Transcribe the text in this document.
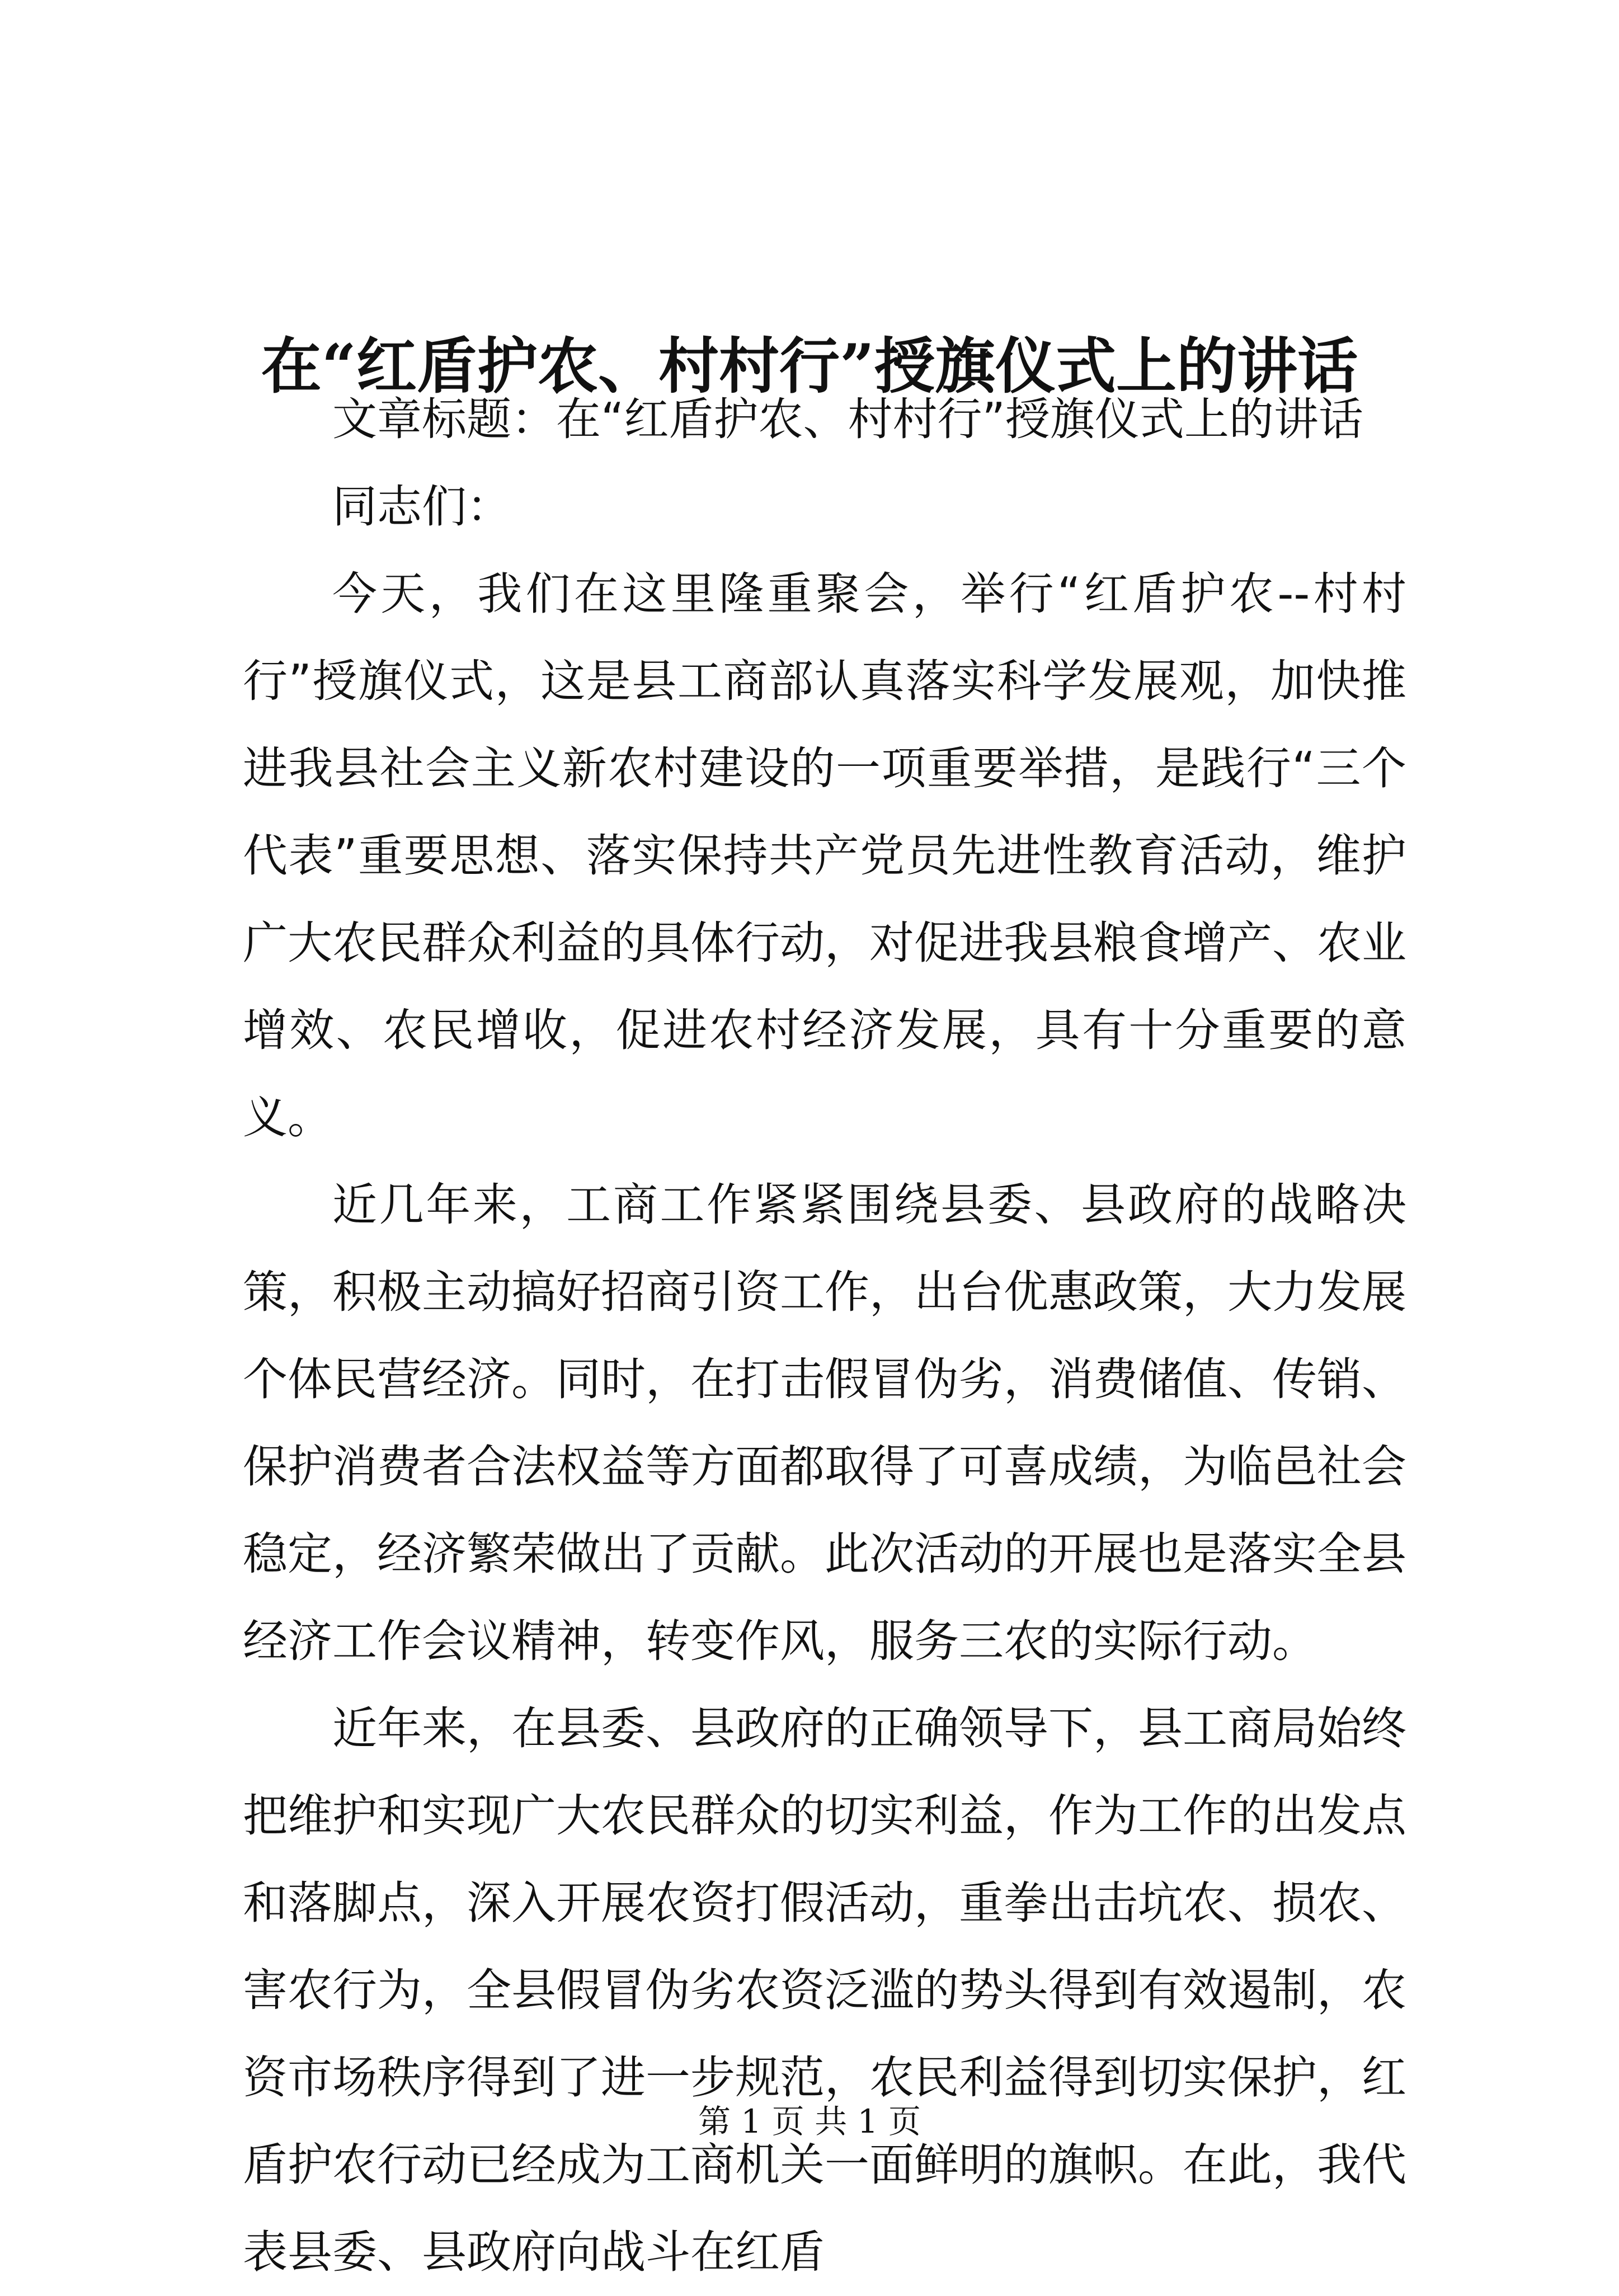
在“红盾护农、村村行”授旗仪式上的讲话

文章标题：在“红盾护农、村村行”授旗仪式上的讲话

同志们：

今天，我们在这里隆重聚会，举行“红盾护农--村村行”授旗仪式，这是县工商部认真落实科学发展观，加快推进我县社会主义新农村建设的一项重要举措，是践行“三个代表”重要思想、落实保持共产党员先进性教育活动，维护广大农民群众利益的具体行动，对促进我县粮食增产、农业增效、农民增收，促进农村经济发展，具有十分重要的意义。

近几年来，工商工作紧紧围绕县委、县政府的战略决策，积极主动搞好招商引资工作，出台优惠政策，大力发展个体民营经济。同时，在打击假冒伪劣，消费储值、传销、保护消费者合法权益等方面都取得了可喜成绩，为临邑社会稳定，经济繁荣做出了贡献。此次活动的开展也是落实全县经济工作会议精神，转变作风，服务三农的实际行动。

近年来，在县委、县政府的正确领导下，县工商局始终把维护和实现广大农民群众的切实利益，作为工作的出发点和落脚点，深入开展农资打假活动，重拳出击坑农、损农、害农行为，全县假冒伪劣农资泛滥的势头得到有效遏制，农资市场秩序得到了进一步规范，农民利益得到切实保护，红盾护农行动已经成为工商机关一面鲜明的旗帜。在此，我代表县委、县政府向战斗在红盾

第 1 页 共 1 页
